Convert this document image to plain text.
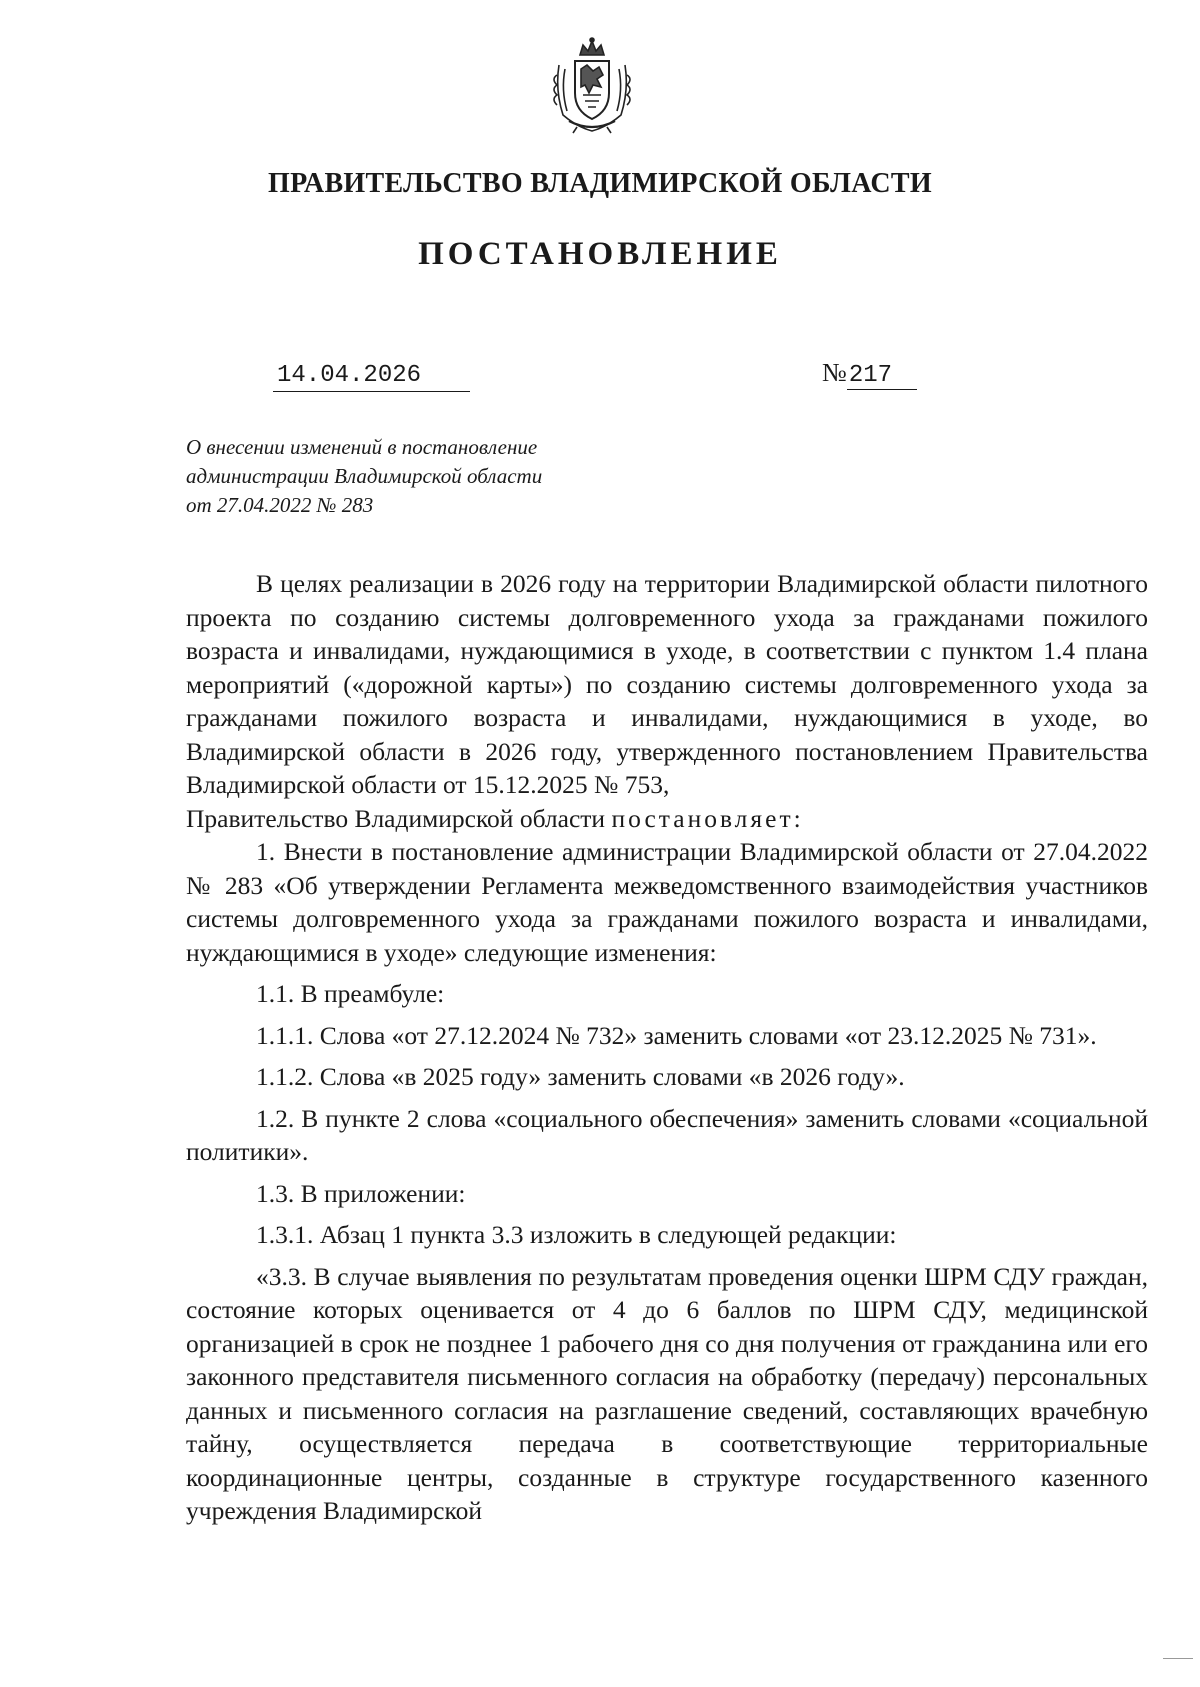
ПРАВИТЕЛЬСТВО ВЛАДИМИРСКОЙ ОБЛАСТИ
ПОСТАНОВЛЕНИЕ
14.04.2026	№217
О внесении изменений в постановление
администрации Владимирской области
от 27.04.2022 № 283

В целях реализации в 2026 году на территории Владимирской области пилотного проекта по созданию системы долговременного ухода за гражданами пожилого возраста и инвалидами, нуждающимися в уходе, в соответствии с пунктом 1.4 плана мероприятий («дорожной карты») по созданию системы долговременного ухода за гражданами пожилого возраста и инвалидами, нуждающимися в уходе, во Владимирской области в 2026 году, утвержденного постановлением Правительства Владимирской области от 15.12.2025 № 753,

Правительство Владимирской области постановляет:

1. Внести в постановление администрации Владимирской области от 27.04.2022 № 283 «Об утверждении Регламента межведомственного взаимодействия участников системы долговременного ухода за гражданами пожилого возраста и инвалидами, нуждающимися в уходе» следующие изменения:

1.1. В преамбуле:

1.1.1. Слова «от 27.12.2024 № 732» заменить словами «от 23.12.2025 № 731».

1.1.2. Слова «в 2025 году» заменить словами «в 2026 году».

1.2. В пункте 2 слова «социального обеспечения» заменить словами «социальной политики».

1.3. В приложении:

1.3.1. Абзац 1 пункта 3.3 изложить в следующей редакции:

«3.3. В случае выявления по результатам проведения оценки ШРМ СДУ граждан, состояние которых оценивается от 4 до 6 баллов по ШРМ СДУ, медицинской организацией в срок не позднее 1 рабочего дня со дня получения от гражданина или его законного представителя письменного согласия на обработку (передачу) персональных данных и письменного согласия на разглашение сведений, составляющих врачебную тайну, осуществляется передача в соответствующие территориальные координационные центры, созданные в структуре государственного казенного учреждения Владимирской
